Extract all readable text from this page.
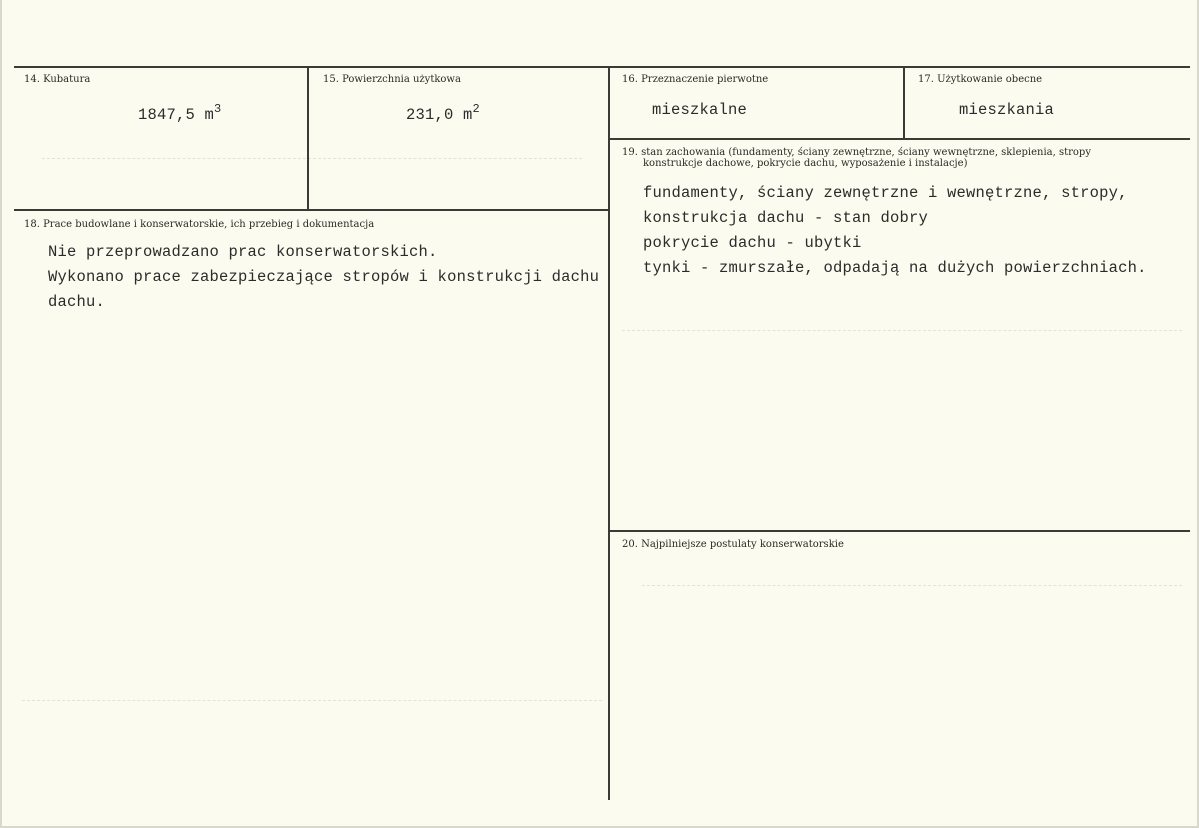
14. Kubatura
1847,5 $m^3$
15. Powierzchnia użytkowa
231,0 $m^2$
16. Przeznaczenie pierwotne
mieszkalne
17. Użytkowanie obecne
mieszkania
18. Prace budowlane i konserwatorskie, ich przebieg i dokumentacja
Nie przeprowadzano prac konserwatorskich.
Wykonano prace zabezpieczające stropów i konstrukcji dachu
dachu.
19. stan zachowania (fundamenty, ściany zewnętrzne, ściany wewnętrzne, sklepienia, stropy
konstrukcje dachowe, pokrycie dachu, wyposażenie i instalacje)
fundamenty, ściany zewnętrzne i wewnętrzne, stropy,
konstrukcja dachu - stan dobry
pokrycie dachu - ubytki
tynki - zmurszałe, odpadają na dużych powierzchniach.
20. Najpilniejsze postulaty konserwatorskie
